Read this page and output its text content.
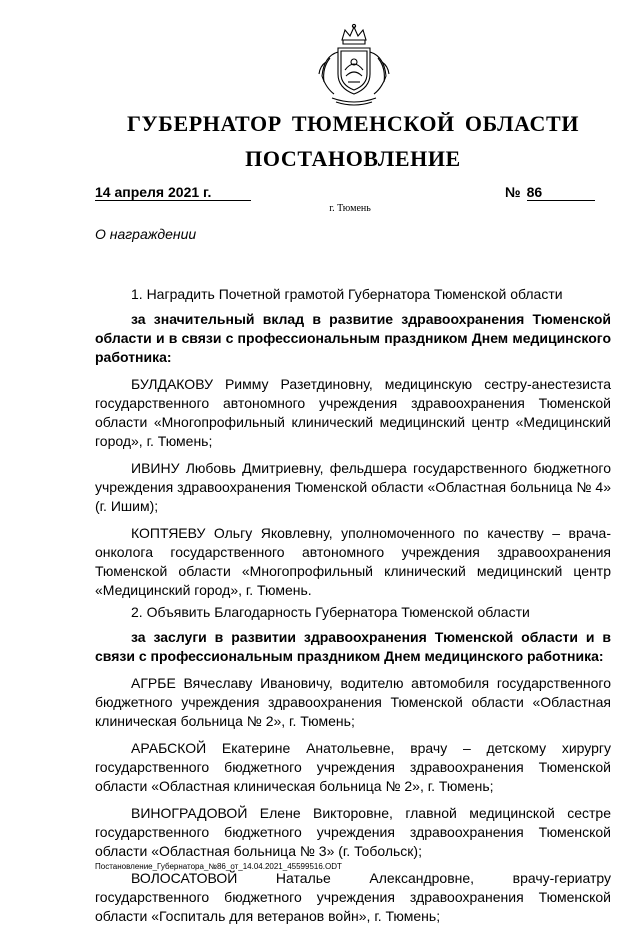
ГУБЕРНАТОР ТЮМЕНСКОЙ ОБЛАСТИ
ПОСТАНОВЛЕНИЕ
14 апреля 2021 г.	№ 86
г. Тюмень
О награждении

1. Наградить Почетной грамотой Губернатора Тюменской области

за значительный вклад в развитие здравоохранения Тюменской области и в связи с профессиональным праздником Днем медицинского работника:

БУЛДАКОВУ Римму Разетдиновну, медицинскую сестру-анестезиста государственного автономного учреждения здравоохранения Тюменской области «Многопрофильный клинический медицинский центр «Медицинский город», г. Тюмень;

ИВИНУ Любовь Дмитриевну, фельдшера государственного бюджетного учреждения здравоохранения Тюменской области «Областная больница № 4» (г. Ишим);

КОПТЯЕВУ Ольгу Яковлевну, уполномоченного по качеству – врача-онколога государственного автономного учреждения здравоохранения Тюменской области «Многопрофильный клинический медицинский центр «Медицинский город», г. Тюмень.

2. Объявить Благодарность Губернатора Тюменской области

за заслуги в развитии здравоохранения Тюменской области и в связи с профессиональным праздником Днем медицинского работника:

АГРБЕ Вячеславу Ивановичу, водителю автомобиля государственного бюджетного учреждения здравоохранения Тюменской области «Областная клиническая больница № 2», г. Тюмень;

АРАБСКОЙ Екатерине Анатольевне, врачу – детскому хирургу государственного бюджетного учреждения здравоохранения Тюменской области «Областная клиническая больница № 2», г. Тюмень;

ВИНОГРАДОВОЙ Елене Викторовне, главной медицинской сестре государственного бюджетного учреждения здравоохранения Тюменской области «Областная больница № 3» (г. Тобольск);

ВОЛОСАТОВОЙ Наталье Александровне, врачу-гериатру государственного бюджетного учреждения здравоохранения Тюменской области «Госпиталь для ветеранов войн», г. Тюмень;

Постановление_Губернатора_№86_от_14.04.2021_45599516.ODT
